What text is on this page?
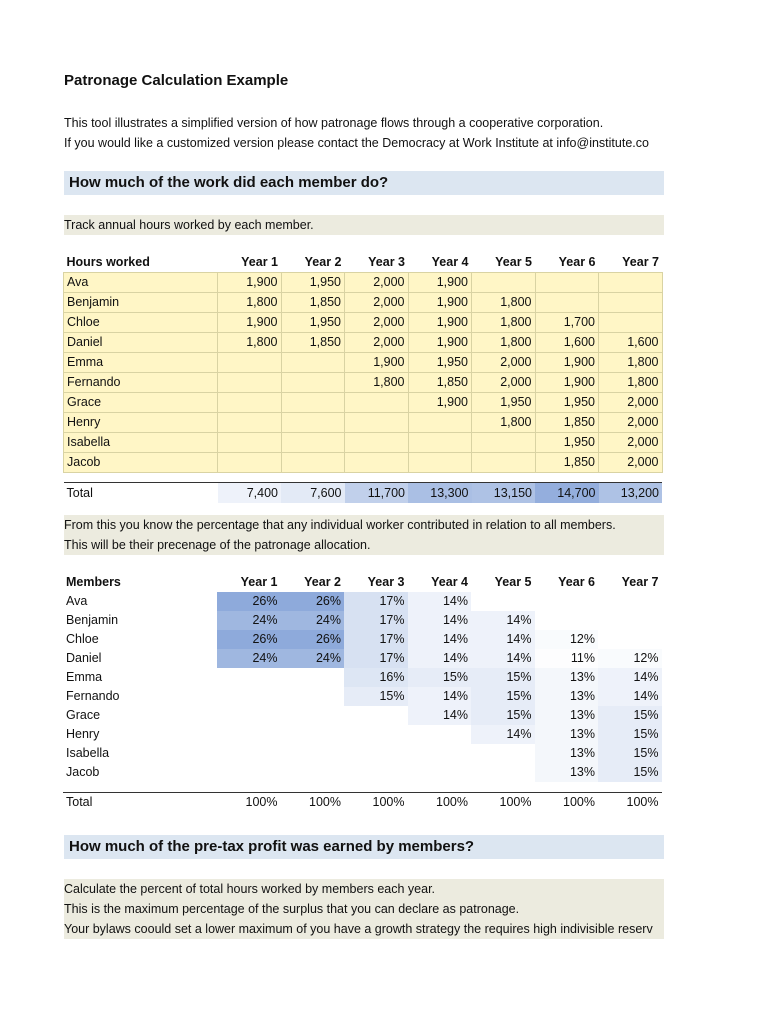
Patronage Calculation Example
This tool illustrates a simplified version of how patronage flows through a cooperative corporation.
If you would like a customized version please contact the Democracy at Work Institute at info@institute.co
How much of the work did each member do?
Track annual hours worked by each member.
Hours worked	Year 1	Year 2	Year 3	Year 4	Year 5	Year 6	Year 7
Ava	1,900	1,950	2,000	1,900			
Benjamin	1,800	1,850	2,000	1,900	1,800		
Chloe	1,900	1,950	2,000	1,900	1,800	1,700	
Daniel	1,800	1,850	2,000	1,900	1,800	1,600	1,600
Emma			1,900	1,950	2,000	1,900	1,800
Fernando			1,800	1,850	2,000	1,900	1,800
Grace				1,900	1,950	1,950	2,000
Henry					1,800	1,850	2,000
Isabella						1,950	2,000
Jacob						1,850	2,000

Total	7,400	7,600	11,700	13,300	13,150	14,700	13,200
From this you know the percentage that any individual worker contributed in relation to all members.
This will be their precenage of the patronage allocation.
Members	Year 1	Year 2	Year 3	Year 4	Year 5	Year 6	Year 7
Ava	26%	26%	17%	14%			
Benjamin	24%	24%	17%	14%	14%		
Chloe	26%	26%	17%	14%	14%	12%	
Daniel	24%	24%	17%	14%	14%	11%	12%
Emma			16%	15%	15%	13%	14%
Fernando			15%	14%	15%	13%	14%
Grace				14%	15%	13%	15%
Henry					14%	13%	15%
Isabella						13%	15%
Jacob						13%	15%

Total	100%	100%	100%	100%	100%	100%	100%
How much of the pre-tax profit was earned by members?
Calculate the percent of total hours worked by members each year.
This is the maximum percentage of the surplus that you can declare as patronage.
Your bylaws coould set a lower maximum of you have a growth strategy the requires high indivisible reserv
